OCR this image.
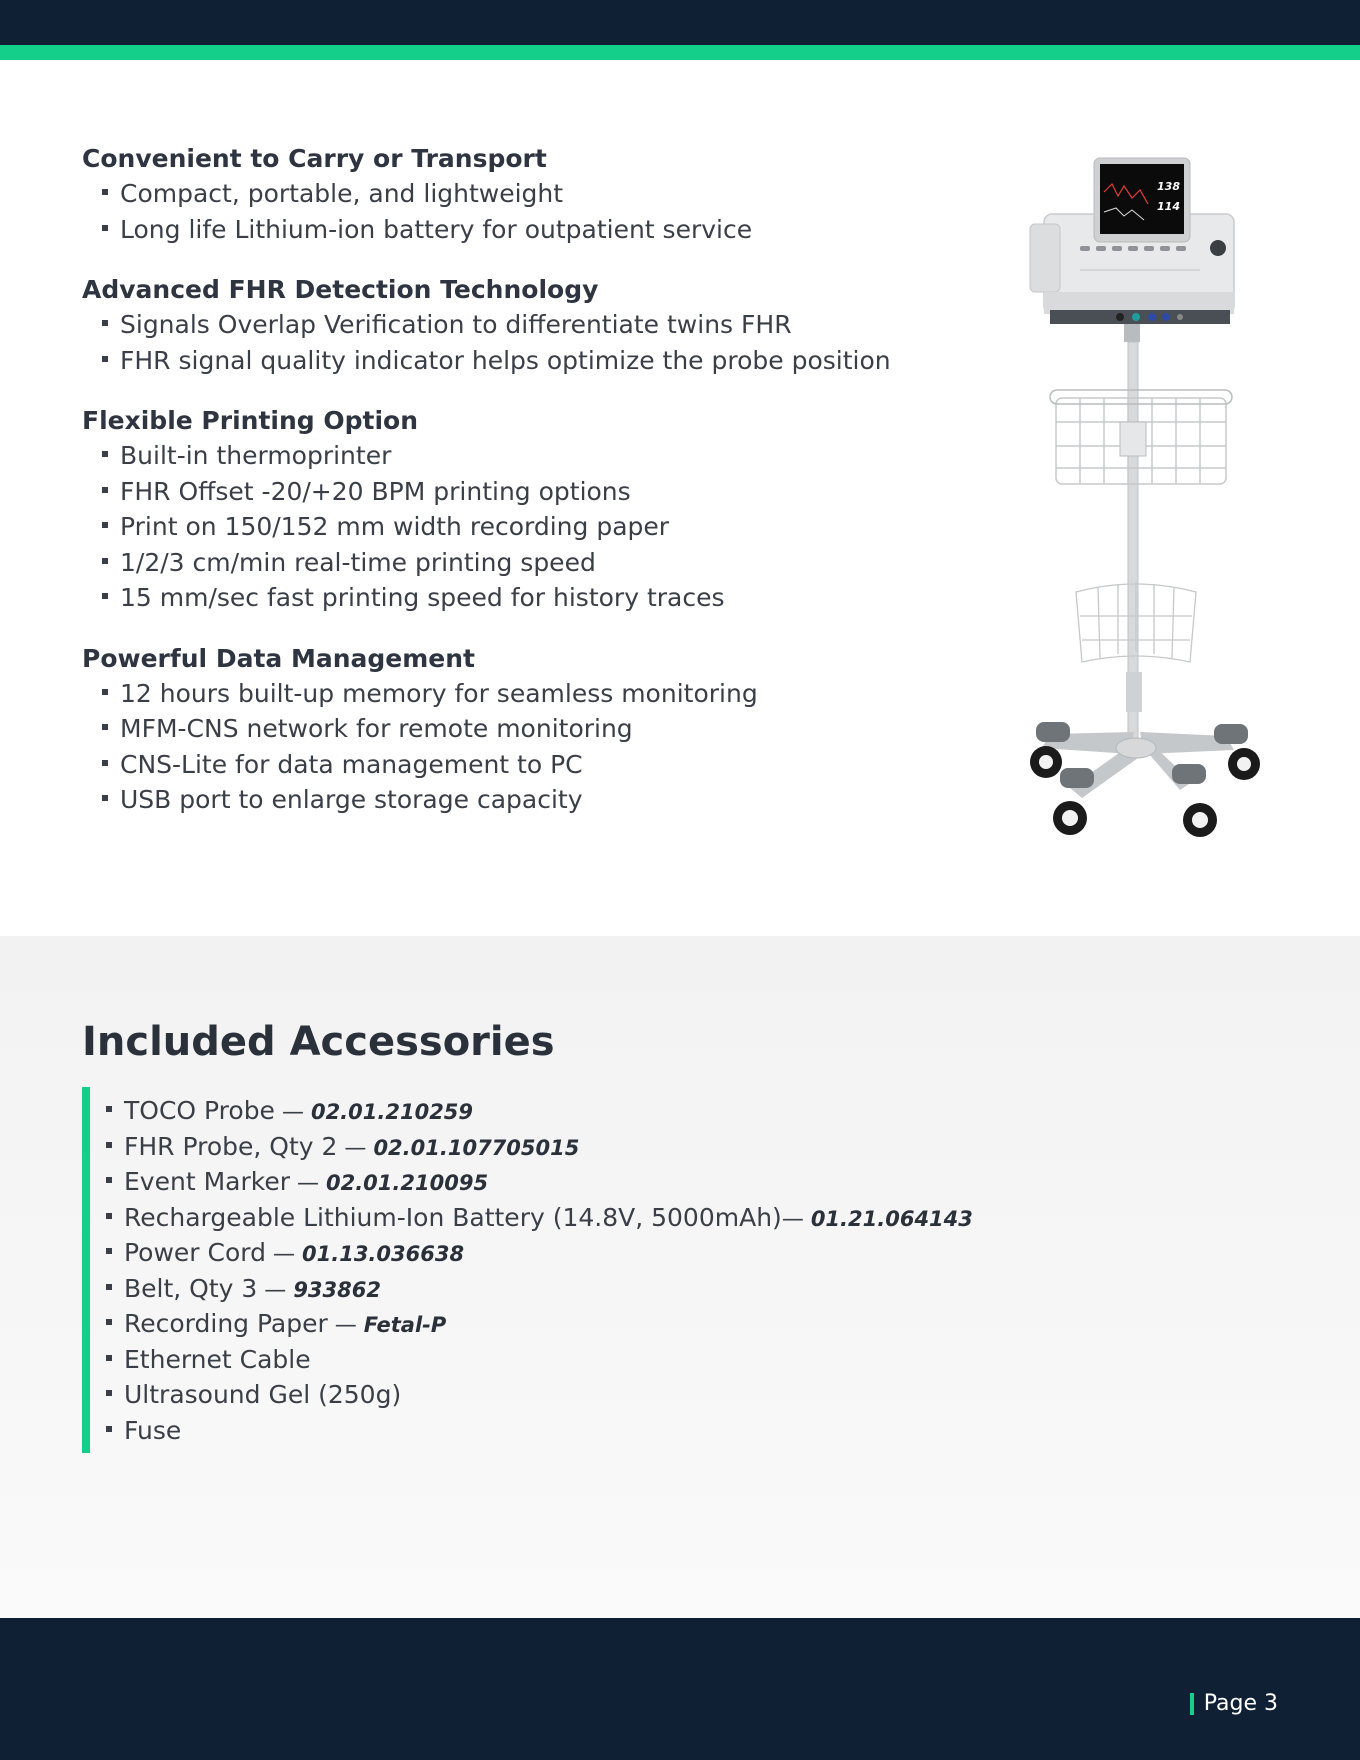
Convenient to Carry or Transport
Compact, portable, and lightweight
Long life Lithium-ion battery for outpatient service
Advanced FHR Detection Technology
Signals Overlap Verification to differentiate twins FHR
FHR signal quality indicator helps optimize the probe position
Flexible Printing Option
Built-in thermoprinter
FHR Offset -20/+20 BPM printing options
Print on 150/152 mm width recording paper
1/2/3 cm/min real-time printing speed
15 mm/sec fast printing speed for history traces
Powerful Data Management
12 hours built-up memory for seamless monitoring
MFM-CNS network for remote monitoring
CNS-Lite for data management to PC
USB port to enlarge storage capacity
138
114
Included Accessories
TOCO Probe — 02.01.210259
FHR Probe, Qty 2 — 02.01.107705015
Event Marker — 02.01.210095
Rechargeable Lithium-Ion Battery (14.8V, 5000mAh)— 01.21.064143
Power Cord — 01.13.036638
Belt, Qty 3 — 933862
Recording Paper — Fetal-P
Ethernet Cable
Ultrasound Gel (250g)
Fuse
Page 3
